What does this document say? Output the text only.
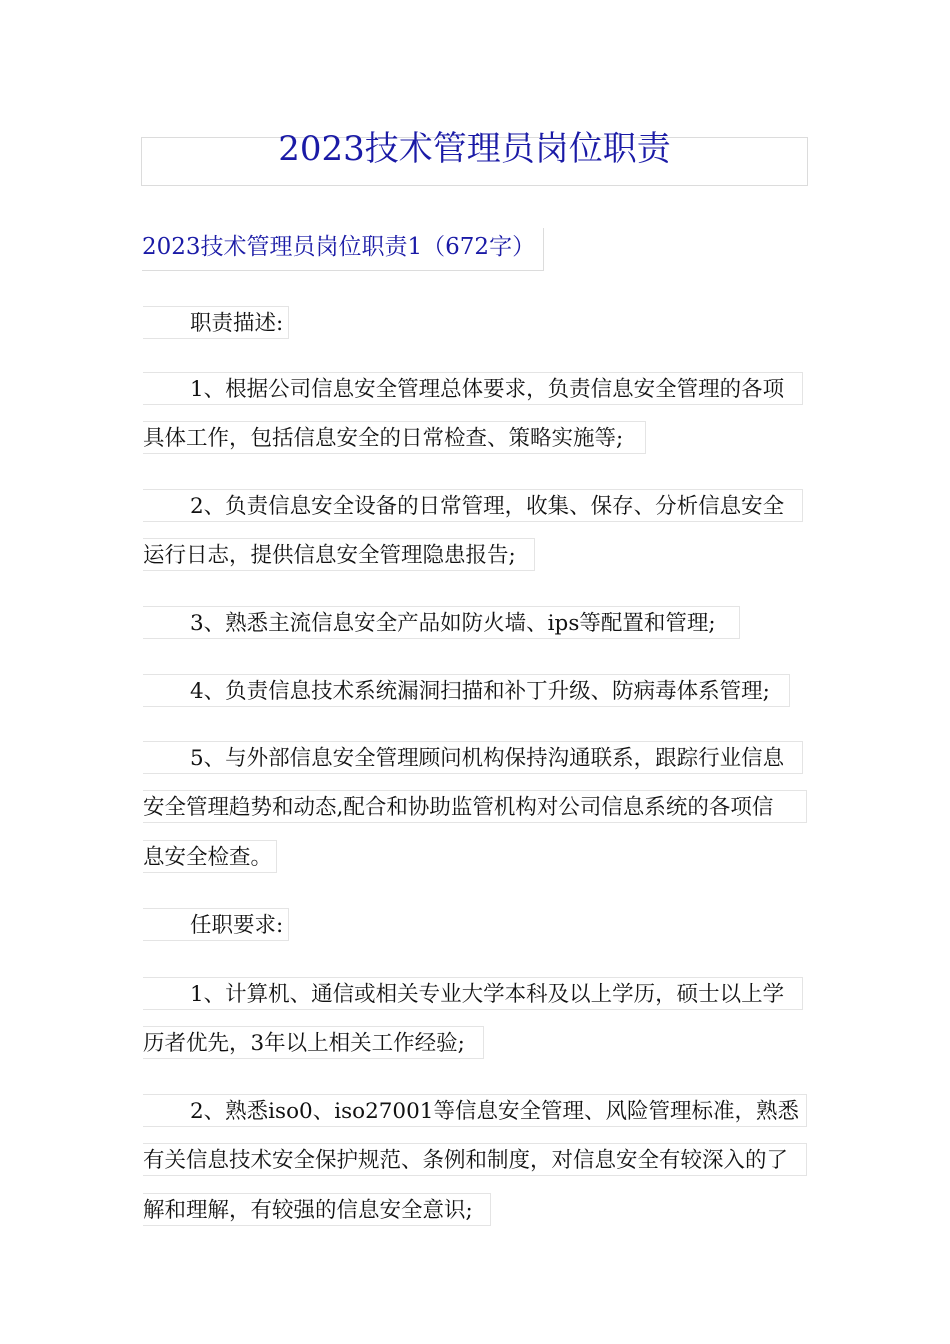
2023技术管理员岗位职责
2023技术管理员岗位职责1（672字）
职责描述:
1、根据公司信息安全管理总体要求，负责信息安全管理的各项
具体工作，包括信息安全的日常检查、策略实施等;
2、负责信息安全设备的日常管理，收集、保存、分析信息安全
运行日志，提供信息安全管理隐患报告;
3、熟悉主流信息安全产品如防火墙、ips等配置和管理;
4、负责信息技术系统漏洞扫描和补丁升级、防病毒体系管理;
5、与外部信息安全管理顾问机构保持沟通联系，跟踪行业信息
安全管理趋势和动态,配合和协助监管机构对公司信息系统的各项信
息安全检查。
任职要求:
1、计算机、通信或相关专业大学本科及以上学历，硕士以上学
历者优先，3年以上相关工作经验;
2、熟悉iso0、iso27001等信息安全管理、风险管理标准，熟悉
有关信息技术安全保护规范、条例和制度，对信息安全有较深入的了
解和理解，有较强的信息安全意识;
